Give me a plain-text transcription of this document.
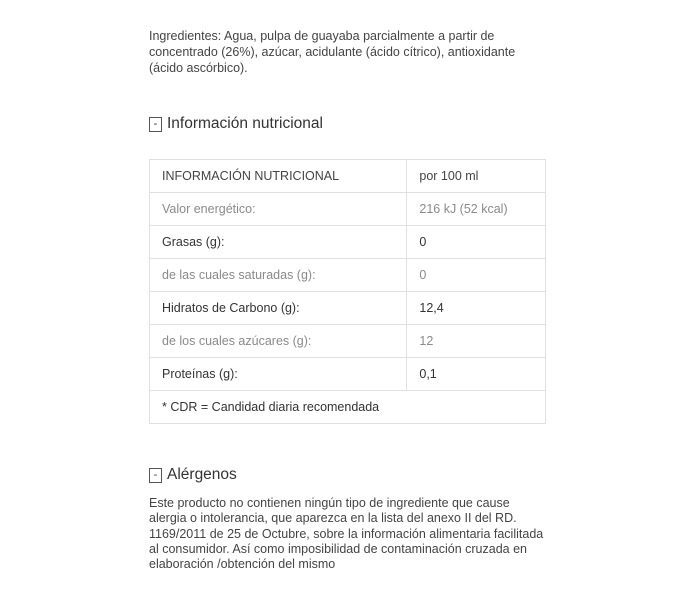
Ingredientes: Agua, pulpa de guayaba parcialmente a partir de concentrado (26%), azúcar, acidulante (ácido cítrico), antioxidante (ácido ascórbico).
- Información nutricional
INFORMACIÓN NUTRICIONAL	por 100 ml
Valor energético:	216 kJ (52 kcal)
Grasas (g):	0
de las cuales saturadas (g):	0
Hidratos de Carbono (g):	12,4
de los cuales azúcares (g):	12
Proteínas (g):	0,1
* CDR = Candidad diaria recomendada	
- Alérgenos
Este producto no contienen ningún tipo de ingrediente que cause alergia o intolerancia, que aparezca en la lista del anexo II del RD. 1169/2011 de 25 de Octubre, sobre la información alimentaria facilitada al consumidor. Así como imposibilidad de contaminación cruzada en elaboración /obtención del mismo
